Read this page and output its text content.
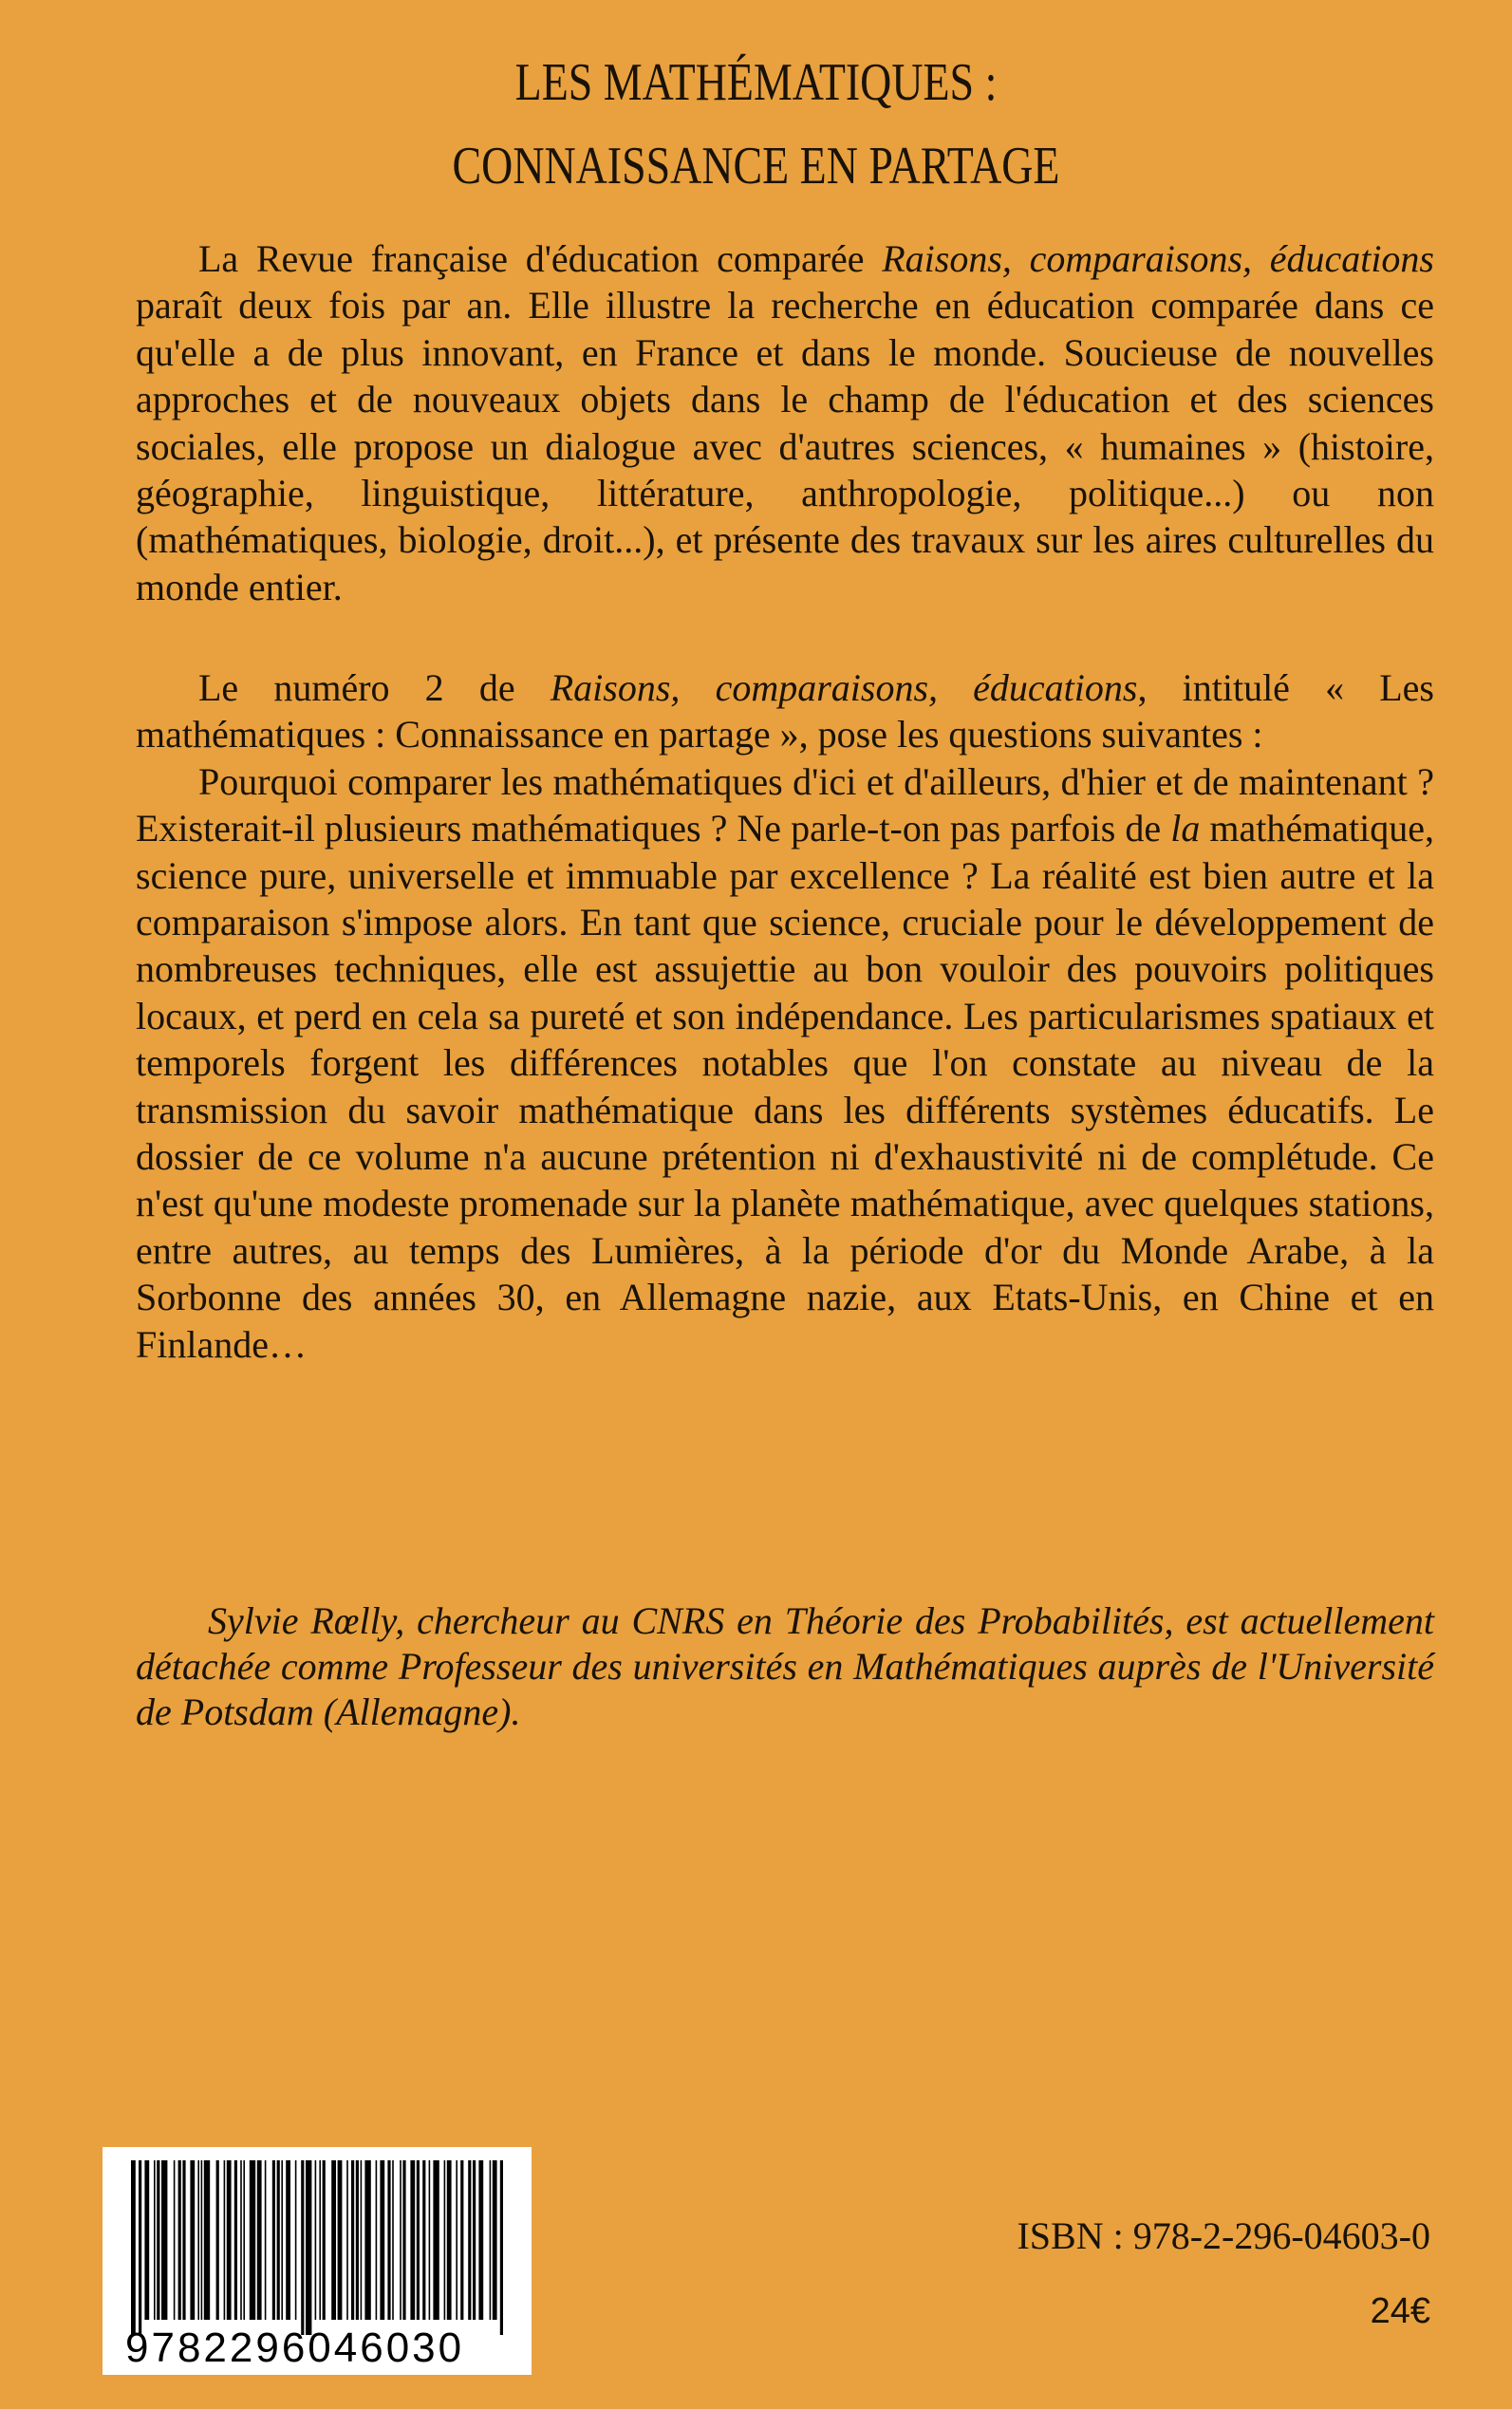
LES MATHÉMATIQUES :
CONNAISSANCE EN PARTAGE

La Revue française d'éducation comparée Raisons, comparaisons, éducations paraît deux fois par an. Elle illustre la recherche en éducation comparée dans ce qu'elle a de plus innovant, en France et dans le monde. Soucieuse de nouvelles approches et de nouveaux objets dans le champ de l'éducation et des sciences sociales, elle propose un dialogue avec d'autres sciences, « humaines » (histoire, géographie, linguistique, littérature, anthropologie, politique...) ou non (mathématiques, biologie, droit...), et présente des travaux sur les aires culturelles du monde entier.

Le numéro 2 de Raisons, comparaisons, éducations, intitulé « Les mathématiques : Connaissance en partage », pose les questions suivantes :

Pourquoi comparer les mathématiques d'ici et d'ailleurs, d'hier et de maintenant ? Existerait-il plusieurs mathématiques ? Ne parle-t-on pas parfois de la mathématique, science pure, universelle et immuable par excellence ? La réalité est bien autre et la comparaison s'impose alors. En tant que science, cruciale pour le développement de nombreuses techniques, elle est assujettie au bon vouloir des pouvoirs politiques locaux, et perd en cela sa pureté et son indépendance. Les particularismes spatiaux et temporels forgent les différences notables que l'on constate au niveau de la transmission du savoir mathématique dans les différents systèmes éducatifs. Le dossier de ce volume n'a aucune prétention ni d'exhaustivité ni de complétude. Ce n'est qu'une modeste promenade sur la planète mathématique, avec quelques stations, entre autres, au temps des Lumières, à la période d'or du Monde Arabe, à la Sorbonne des années 30, en Allemagne nazie, aux Etats-Unis, en Chine et en Finlande…

Sylvie Rœlly, chercheur au CNRS en Théorie des Probabilités, est actuellement détachée comme Professeur des universités en Mathématiques auprès de l'Université de Potsdam (Allemagne).

9782296046030
ISBN : 978-2-296-04603-0
24€
